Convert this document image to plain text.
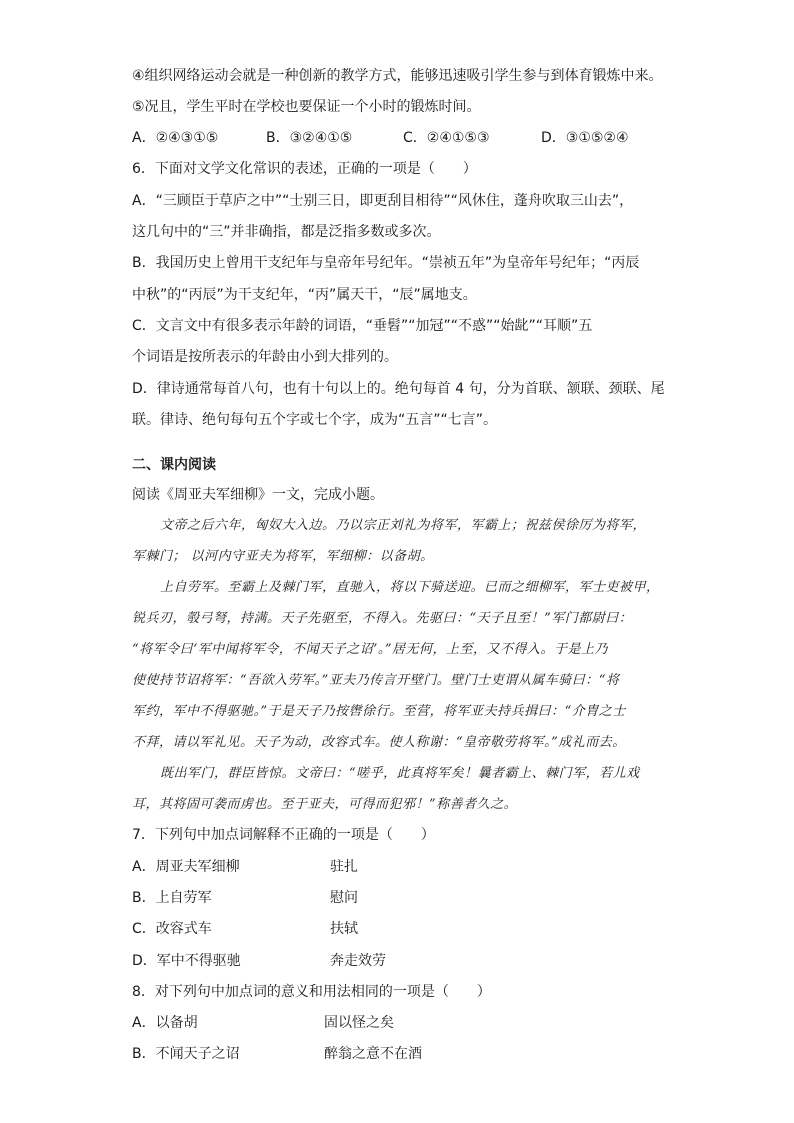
④组织网络运动会就是一种创新的教学方式，能够迅速吸引学生参与到体育锻炼中来。
⑤况且，学生平时在学校也要保证一个小时的锻炼时间。
A．②④③①⑤	B．③②④①⑤	C．②④①⑤③	D．③①⑤②④
6．下面对文学文化常识的表述，正确的一项是（　　）
A．“三顾臣于草庐之中”“士别三日，即更刮目相待”“风休住，蓬舟吹取三山去”，
这几句中的“三”并非确指，都是泛指多数或多次。
B．我国历史上曾用干支纪年与皇帝年号纪年。“崇祯五年”为皇帝年号纪年；“丙辰
中秋”的“丙辰”为干支纪年，“丙”属天干，“辰”属地支。
C．文言文中有很多表示年龄的词语，“垂髫”“加冠”“不惑”“始龀”“耳顺”五
个词语是按所表示的年龄由小到大排列的。
D．律诗通常每首八句，也有十句以上的。绝句每首 4 句，分为首联、颔联、颈联、尾
联。律诗、绝句每句五个字或七个字，成为“五言”“七言”。
二、课内阅读
阅读《周亚夫军细柳》一文，完成小题。
文帝之后六年，匈奴大入边。乃以宗正刘礼为将军，军霸上；祝兹侯徐厉为将军，
军棘门； 以河内守亚夫为将军，军细柳：以备胡。
上自劳军。至霸上及棘门军，直驰入，将以下骑送迎。已而之细柳军，军士吏被甲，
锐兵刃，彀弓弩，持满。天子先驱至，不得入。先驱曰：“天子且至！”军门都尉曰：
“将军令曰‘军中闻将军令，不闻天子之诏’。”居无何，上至，又不得入。于是上乃
使使持节诏将军：“吾欲入劳军。”亚夫乃传言开壁门。壁门士吏谓从属车骑曰：“将
军约，军中不得驱驰。”于是天子乃按辔徐行。至营，将军亚夫持兵揖曰：“介胄之士
不拜，请以军礼见。天子为动，改容式车。使人称谢：“皇帝敬劳将军。”成礼而去。
既出军门，群臣皆惊。文帝曰：“嗟乎，此真将军矣！曩者霸上、棘门军，若儿戏
耳，其将固可袭而虏也。至于亚夫，可得而犯邪！”称善者久之。
7．下列句中加点词解释不正确的一项是（　　）
A．周亚夫军细柳	驻扎
B．上自劳军	慰问
C．改容式车	扶轼
D．军中不得驱驰	奔走效劳
8．对下列句中加点词的意义和用法相同的一项是（　　）
A．以备胡	固以怪之矣
B．不闻天子之诏	醉翁之意不在酒
